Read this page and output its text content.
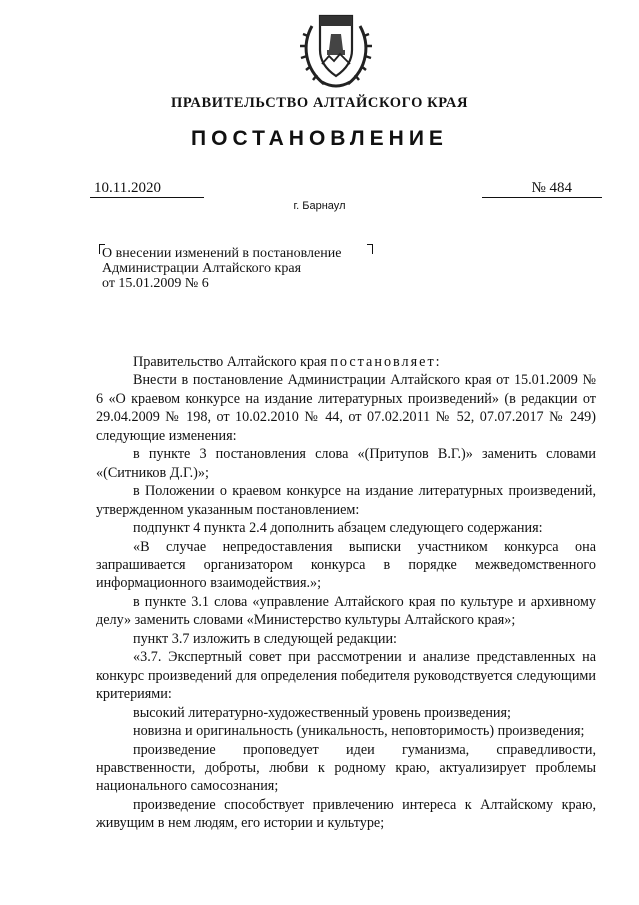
ПРАВИТЕЛЬСТВО АЛТАЙСКОГО КРАЯ
ПОСТАНОВЛЕНИЕ
10.11.2020	№ 484
г. Барнаул
О внесении изменений в постановление
Администрации Алтайского края
от 15.01.2009 № 6

Правительство Алтайского края постановляет:

Внести в постановление Администрации Алтайского края от 15.01.2009 № 6 «О краевом конкурсе на издание литературных произведений» (в редакции от 29.04.2009 № 198, от 10.02.2010 № 44, от 07.02.2011 № 52, 07.07.2017 № 249) следующие изменения:

в пункте 3 постановления слова «(Притупов В.Г.)» заменить словами «(Ситников Д.Г.)»;

в Положении о краевом конкурсе на издание литературных произведений, утвержденном указанным постановлением:

подпункт 4 пункта 2.4 дополнить абзацем следующего содержания:

«В случае непредоставления выписки участником конкурса она запрашивается организатором конкурса в порядке межведомственного информационного взаимодействия.»;

в пункте 3.1 слова «управление Алтайского края по культуре и архивному делу» заменить словами «Министерство культуры Алтайского края»;

пункт 3.7 изложить в следующей редакции:

«3.7. Экспертный совет при рассмотрении и анализе представленных на конкурс произведений для определения победителя руководствуется следующими критериями:

высокий литературно-художественный уровень произведения;

новизна и оригинальность (уникальность, неповторимость) произведения;

произведение проповедует идеи гуманизма, справедливости, нравственности, доброты, любви к родному краю, актуализирует проблемы национального самосознания;

произведение способствует привлечению интереса к Алтайскому краю, живущим в нем людям, его истории и культуре;
